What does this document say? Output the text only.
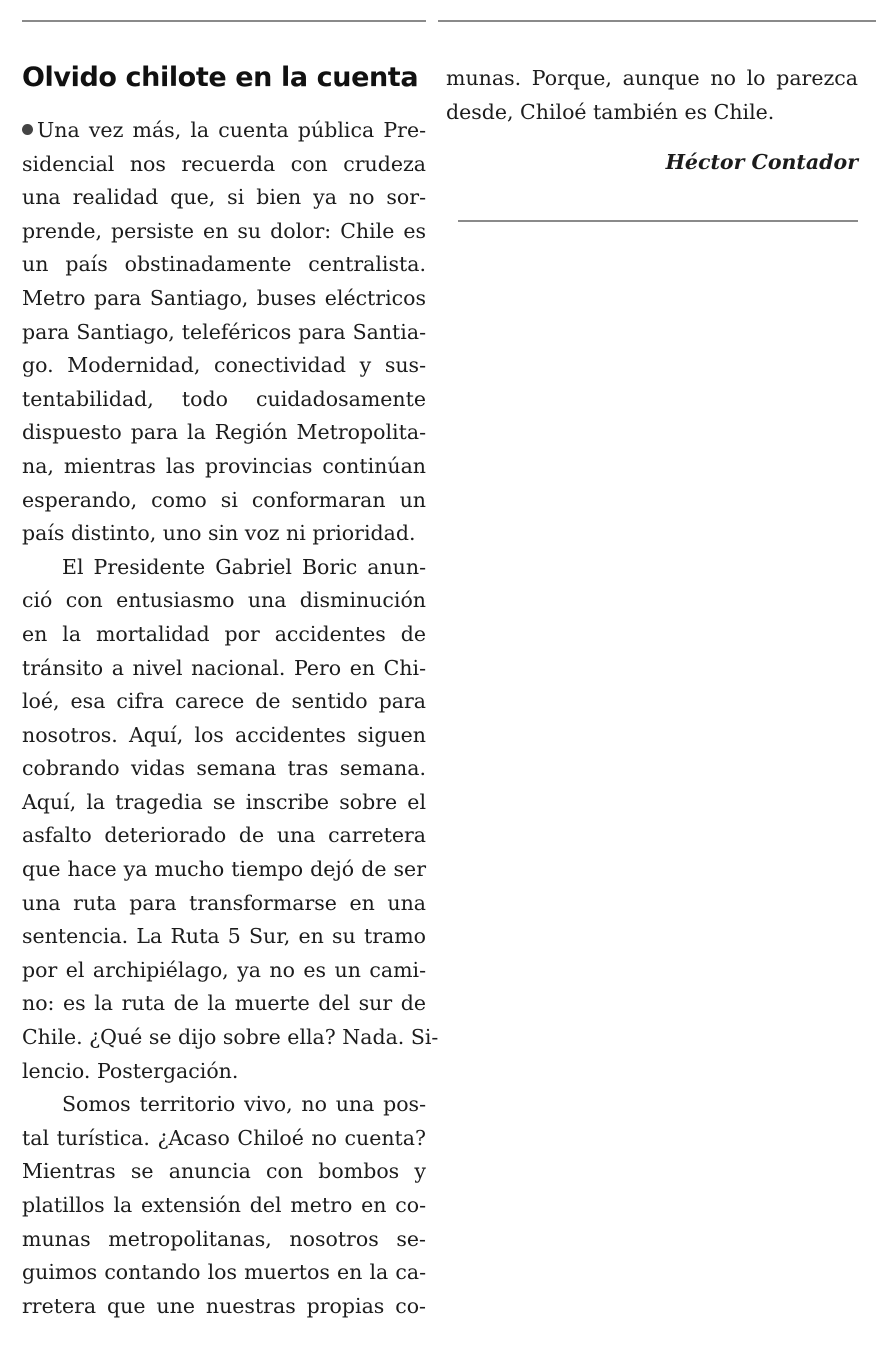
Olvido chilote en la cuenta

Una vez más, la cuenta pública Pre-
sidencial nos recuerda con crudeza
una realidad que, si bien ya no sor-
prende, persiste en su dolor: Chile es
un país obstinadamente centralista.
Metro para Santiago, buses eléctricos
para Santiago, teleféricos para Santia-
go. Modernidad, conectividad y sus-
tentabilidad, todo cuidadosamente
dispuesto para la Región Metropolita-
na, mientras las provincias continúan
esperando, como si conformaran un
país distinto, uno sin voz ni prioridad.

El Presidente Gabriel Boric anun-
ció con entusiasmo una disminución
en la mortalidad por accidentes de
tránsito a nivel nacional. Pero en Chi-
loé, esa cifra carece de sentido para
nosotros. Aquí, los accidentes siguen
cobrando vidas semana tras semana.
Aquí, la tragedia se inscribe sobre el
asfalto deteriorado de una carretera
que hace ya mucho tiempo dejó de ser
una ruta para transformarse en una
sentencia. La Ruta 5 Sur, en su tramo
por el archipiélago, ya no es un cami-
no: es la ruta de la muerte del sur de
Chile. ¿Qué se dijo sobre ella? Nada. Si-
lencio. Postergación.

Somos territorio vivo, no una pos-
tal turística. ¿Acaso Chiloé no cuenta?
Mientras se anuncia con bombos y
platillos la extensión del metro en co-
munas metropolitanas, nosotros se-
guimos contando los muertos en la ca-
rretera que une nuestras propias co-

munas. Porque, aunque no lo parezca
desde, Chiloé también es Chile.

Héctor Contador
